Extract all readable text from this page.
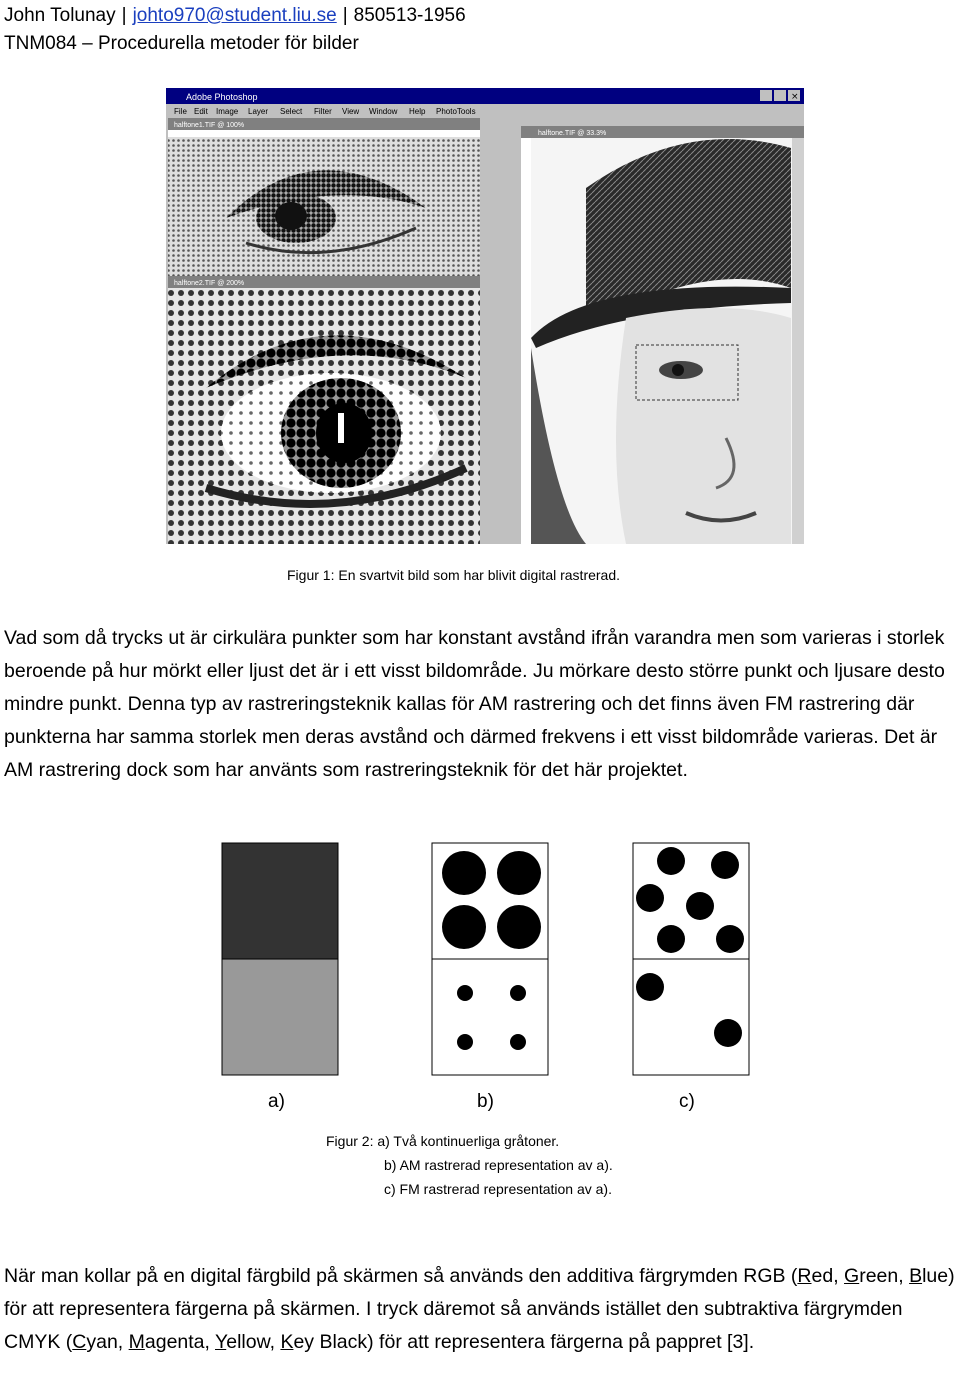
John Tolunay | johto970@student.liu.se | 850513-1956
TNM084 – Procedurella metoder för bilder
Adobe Photoshop	×
File Edit Image Layer Select Filter View Window Help PhotoTools
halftone1.TIF @ 100%
halftone2.TIF @ 200%
halftone.TIF @ 33.3%
Figur 1: En svartvit bild som har blivit digital rastrerad.

Vad som då trycks ut är cirkulära punkter som har konstant avstånd ifrån varandra men som varieras i storlek beroende på hur mörkt eller ljust det är i ett visst bildområde. Ju mörkare desto större punkt och ljusare desto mindre punkt. Denna typ av rastreringsteknik kallas för AM rastrering och det finns även FM rastrering där punkterna har samma storlek men deras avstånd och därmed frekvens i ett visst bildområde varieras. Det är AM rastrering dock som har använts som rastreringsteknik för det här projektet.

a)	b)	c)
Figur 2: a) Två kontinuerliga gråtoner.
b) AM rastrerad representation av a).
c) FM rastrerad representation av a).

När man kollar på en digital färgbild på skärmen så används den additiva färgrymden RGB (Red, Green, Blue) för att representera färgerna på skärmen. I tryck däremot så används istället den subtraktiva färgrymden CMYK (Cyan, Magenta, Yellow, Key Black) för att representera färgerna på pappret [3].
